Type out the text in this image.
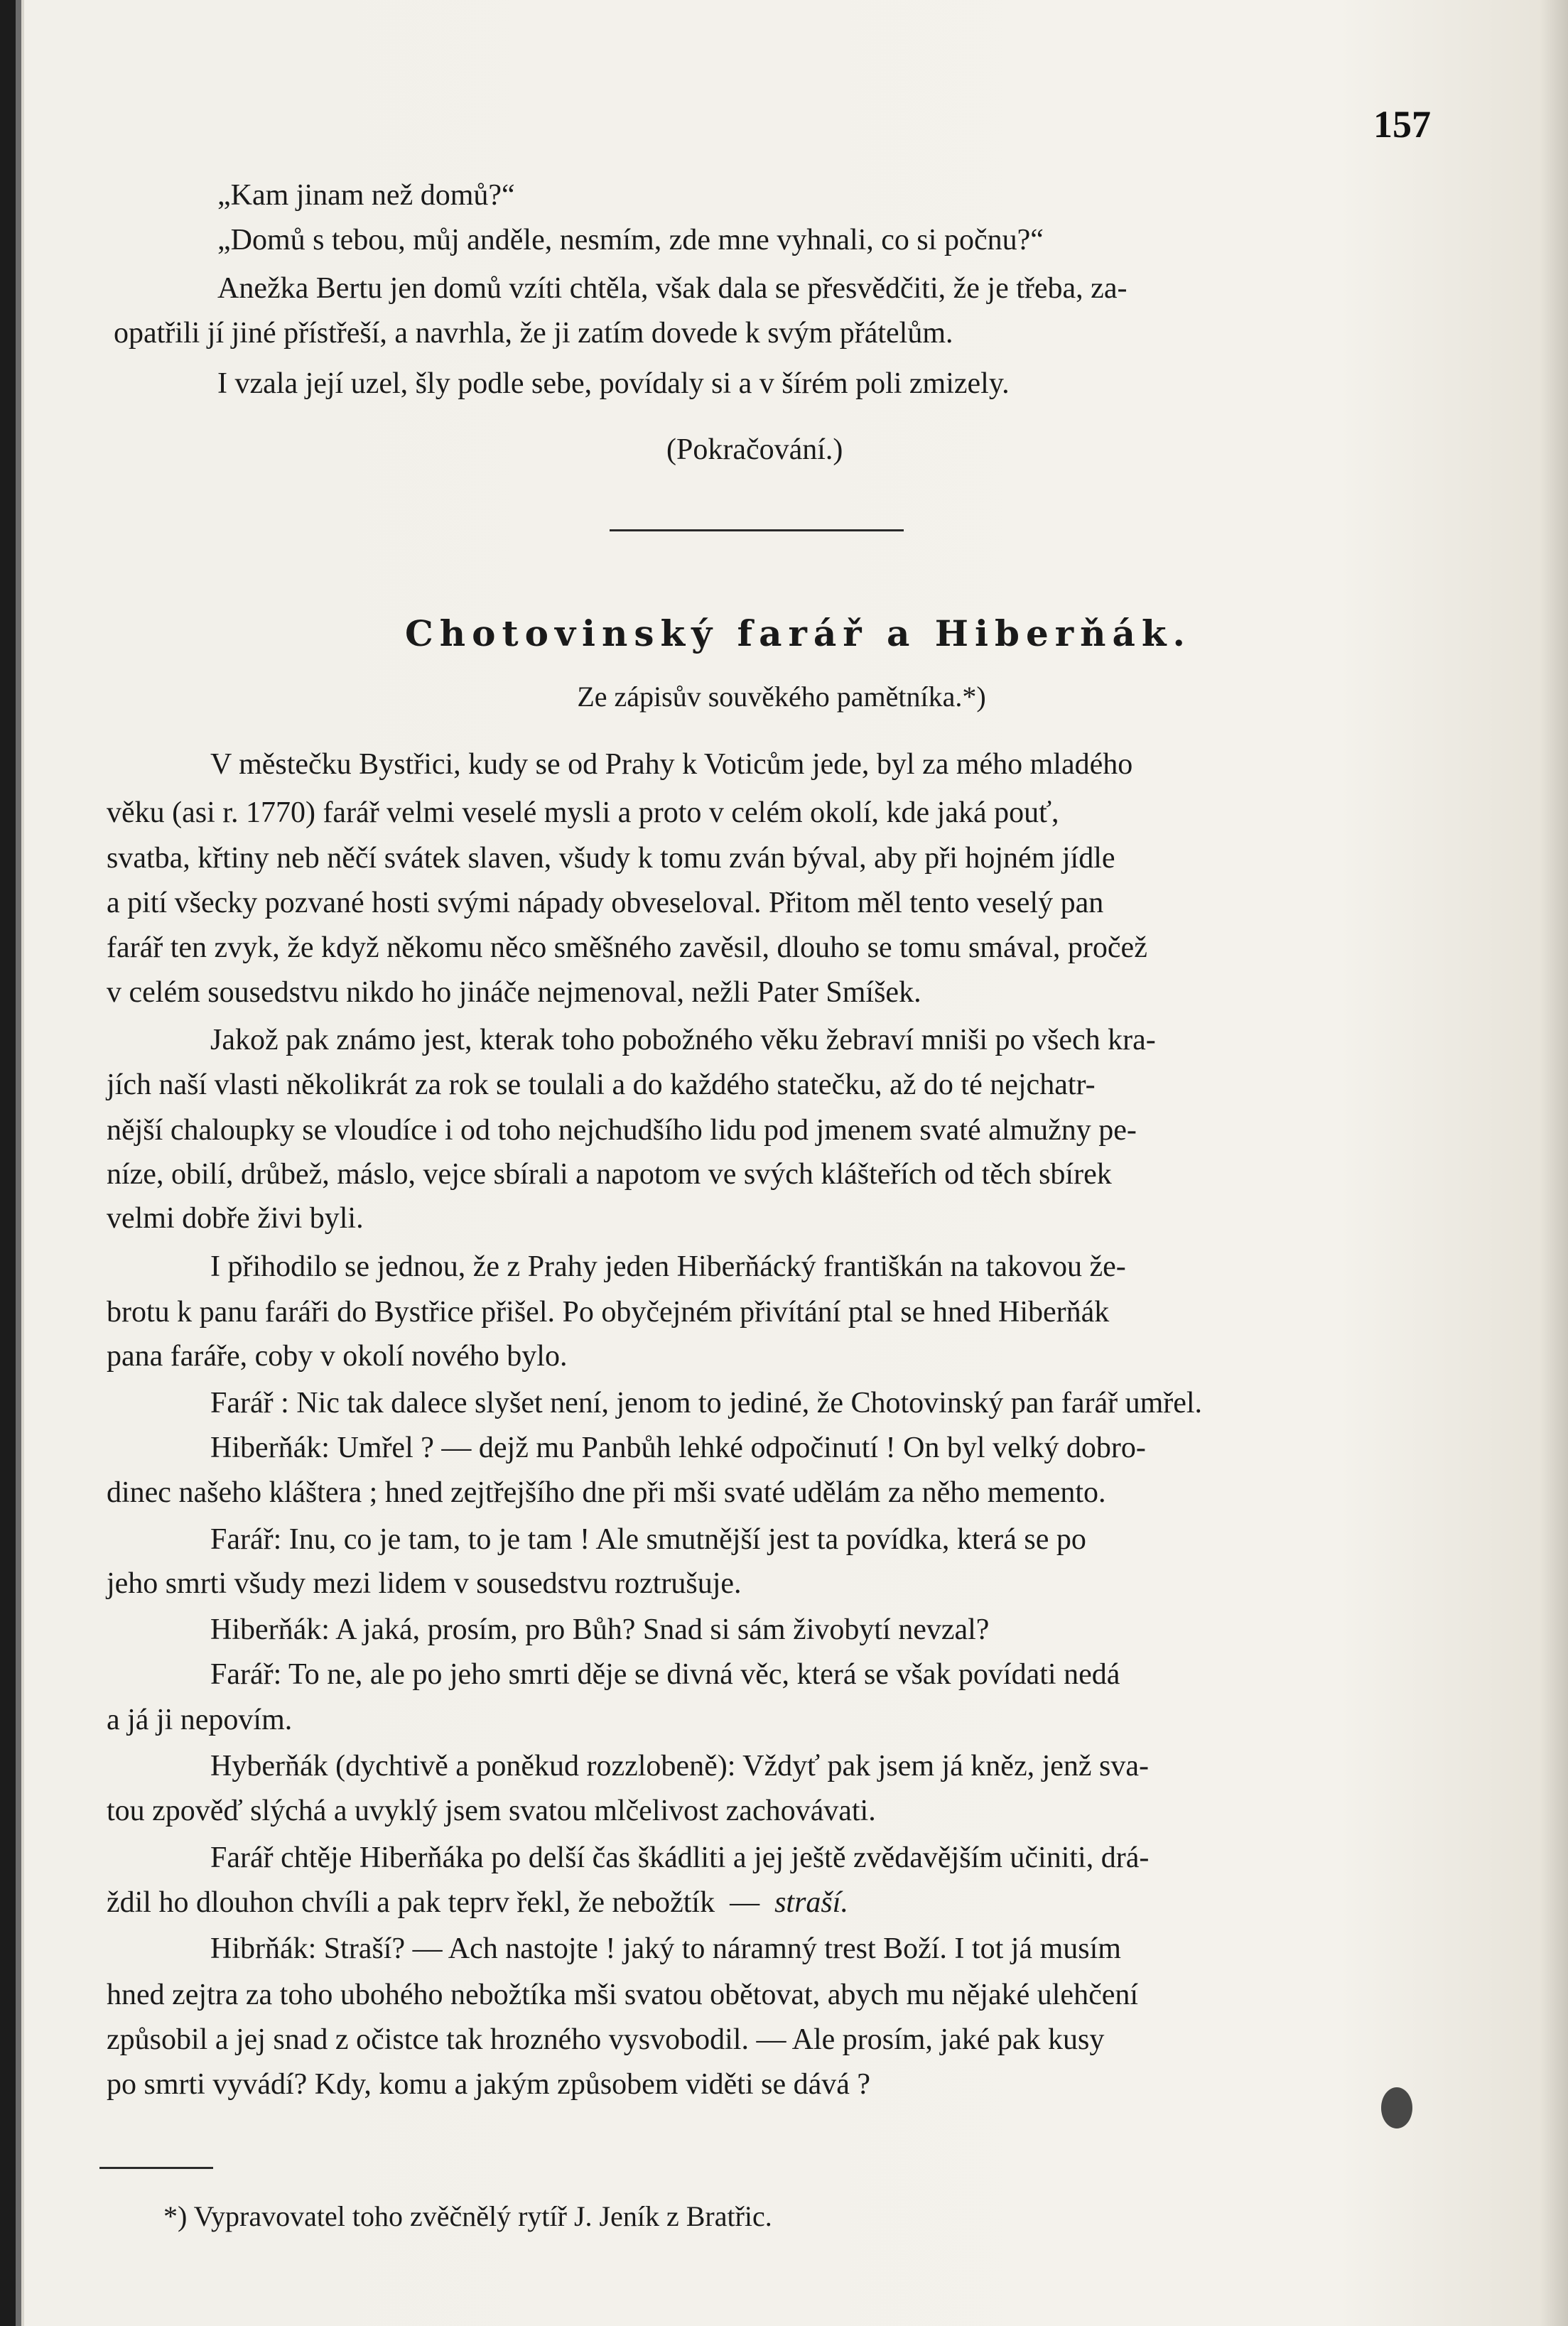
157
„Kam jinam než domů?“
„Domů s tebou, můj anděle, nesmím, zde mne vyhnali, co si počnu?“
Anežka Bertu jen domů vzíti chtěla, však dala se přesvědčiti, že je třeba, za-
opatřili jí jiné přístřeší, a navrhla, že ji zatím dovede k svým přátelům.
I vzala její uzel, šly podle sebe, povídaly si a v šírém poli zmizely.
(Pokračování.)
Chotovinský farář a Hiberňák.
Ze zápisův souvěkého pamětníka.*)
V městečku Bystřici, kudy se od Prahy k Voticům jede, byl za mého mladého
věku (asi r. 1770) farář velmi veselé mysli a proto v celém okolí, kde jaká pouť,
svatba, křtiny neb něčí svátek slaven, všudy k tomu zván býval, aby při hojném jídle
a pití všecky pozvané hosti svými nápady obveseloval. Přitom měl tento veselý pan
farář ten zvyk, že když někomu něco směšného zavěsil, dlouho se tomu smával, pročež
v celém sousedstvu nikdo ho jináče nejmenoval, nežli Pater Smíšek.
Jakož pak známo jest, kterak toho pobožného věku žebraví mniši po všech kra-
jích naší vlasti několikrát za rok se toulali a do každého statečku, až do té nejchatr-
nější chaloupky se vloudíce i od toho nejchudšího lidu pod jmenem svaté almužny pe-
níze, obilí, drůbež, máslo, vejce sbírali a napotom ve svých klášteřích od těch sbírek
velmi dobře živi byli.
I přihodilo se jednou, že z Prahy jeden Hiberňácký františkán na takovou že-
brotu k panu faráři do Bystřice přišel. Po obyčejném přivítání ptal se hned Hiberňák
pana faráře, coby v okolí nového bylo.
Farář : Nic tak dalece slyšet není, jenom to jediné, že Chotovinský pan farář umřel.
Hiberňák: Umřel ? — dejž mu Panbůh lehké odpočinutí ! On byl velký dobro-
dinec našeho kláštera ; hned zejtřejšího dne při mši svaté udělám za něho memento.
Farář: Inu, co je tam, to je tam ! Ale smutnější jest ta povídka, která se po
jeho smrti všudy mezi lidem v sousedstvu roztrušuje.
Hiberňák: A jaká, prosím, pro Bůh? Snad si sám živobytí nevzal?
Farář: To ne, ale po jeho smrti děje se divná věc, která se však povídati nedá
a já ji nepovím.
Hyberňák (dychtivě a poněkud rozzlobeně): Vždyť pak jsem já kněz, jenž sva-
tou zpověď slýchá a uvyklý jsem svatou mlčelivost zachovávati.
Farář chtěje Hiberňáka po delší čas škádliti a jej ještě zvědavějším učiniti, drá-
ždil ho dlouhon chvíli a pak teprv řekl, že nebožtík — straší.
Hibrňák: Straší? — Ach nastojte ! jaký to náramný trest Boží. I tot já musím
hned zejtra za toho ubohého nebožtíka mši svatou obětovat, abych mu nějaké ulehčení
způsobil a jej snad z očistce tak hrozného vysvobodil. — Ale prosím, jaké pak kusy
po smrti vyvádí? Kdy, komu a jakým způsobem viděti se dává ?
*) Vypravovatel toho zvěčnělý rytíř J. Jeník z Bratřic.
